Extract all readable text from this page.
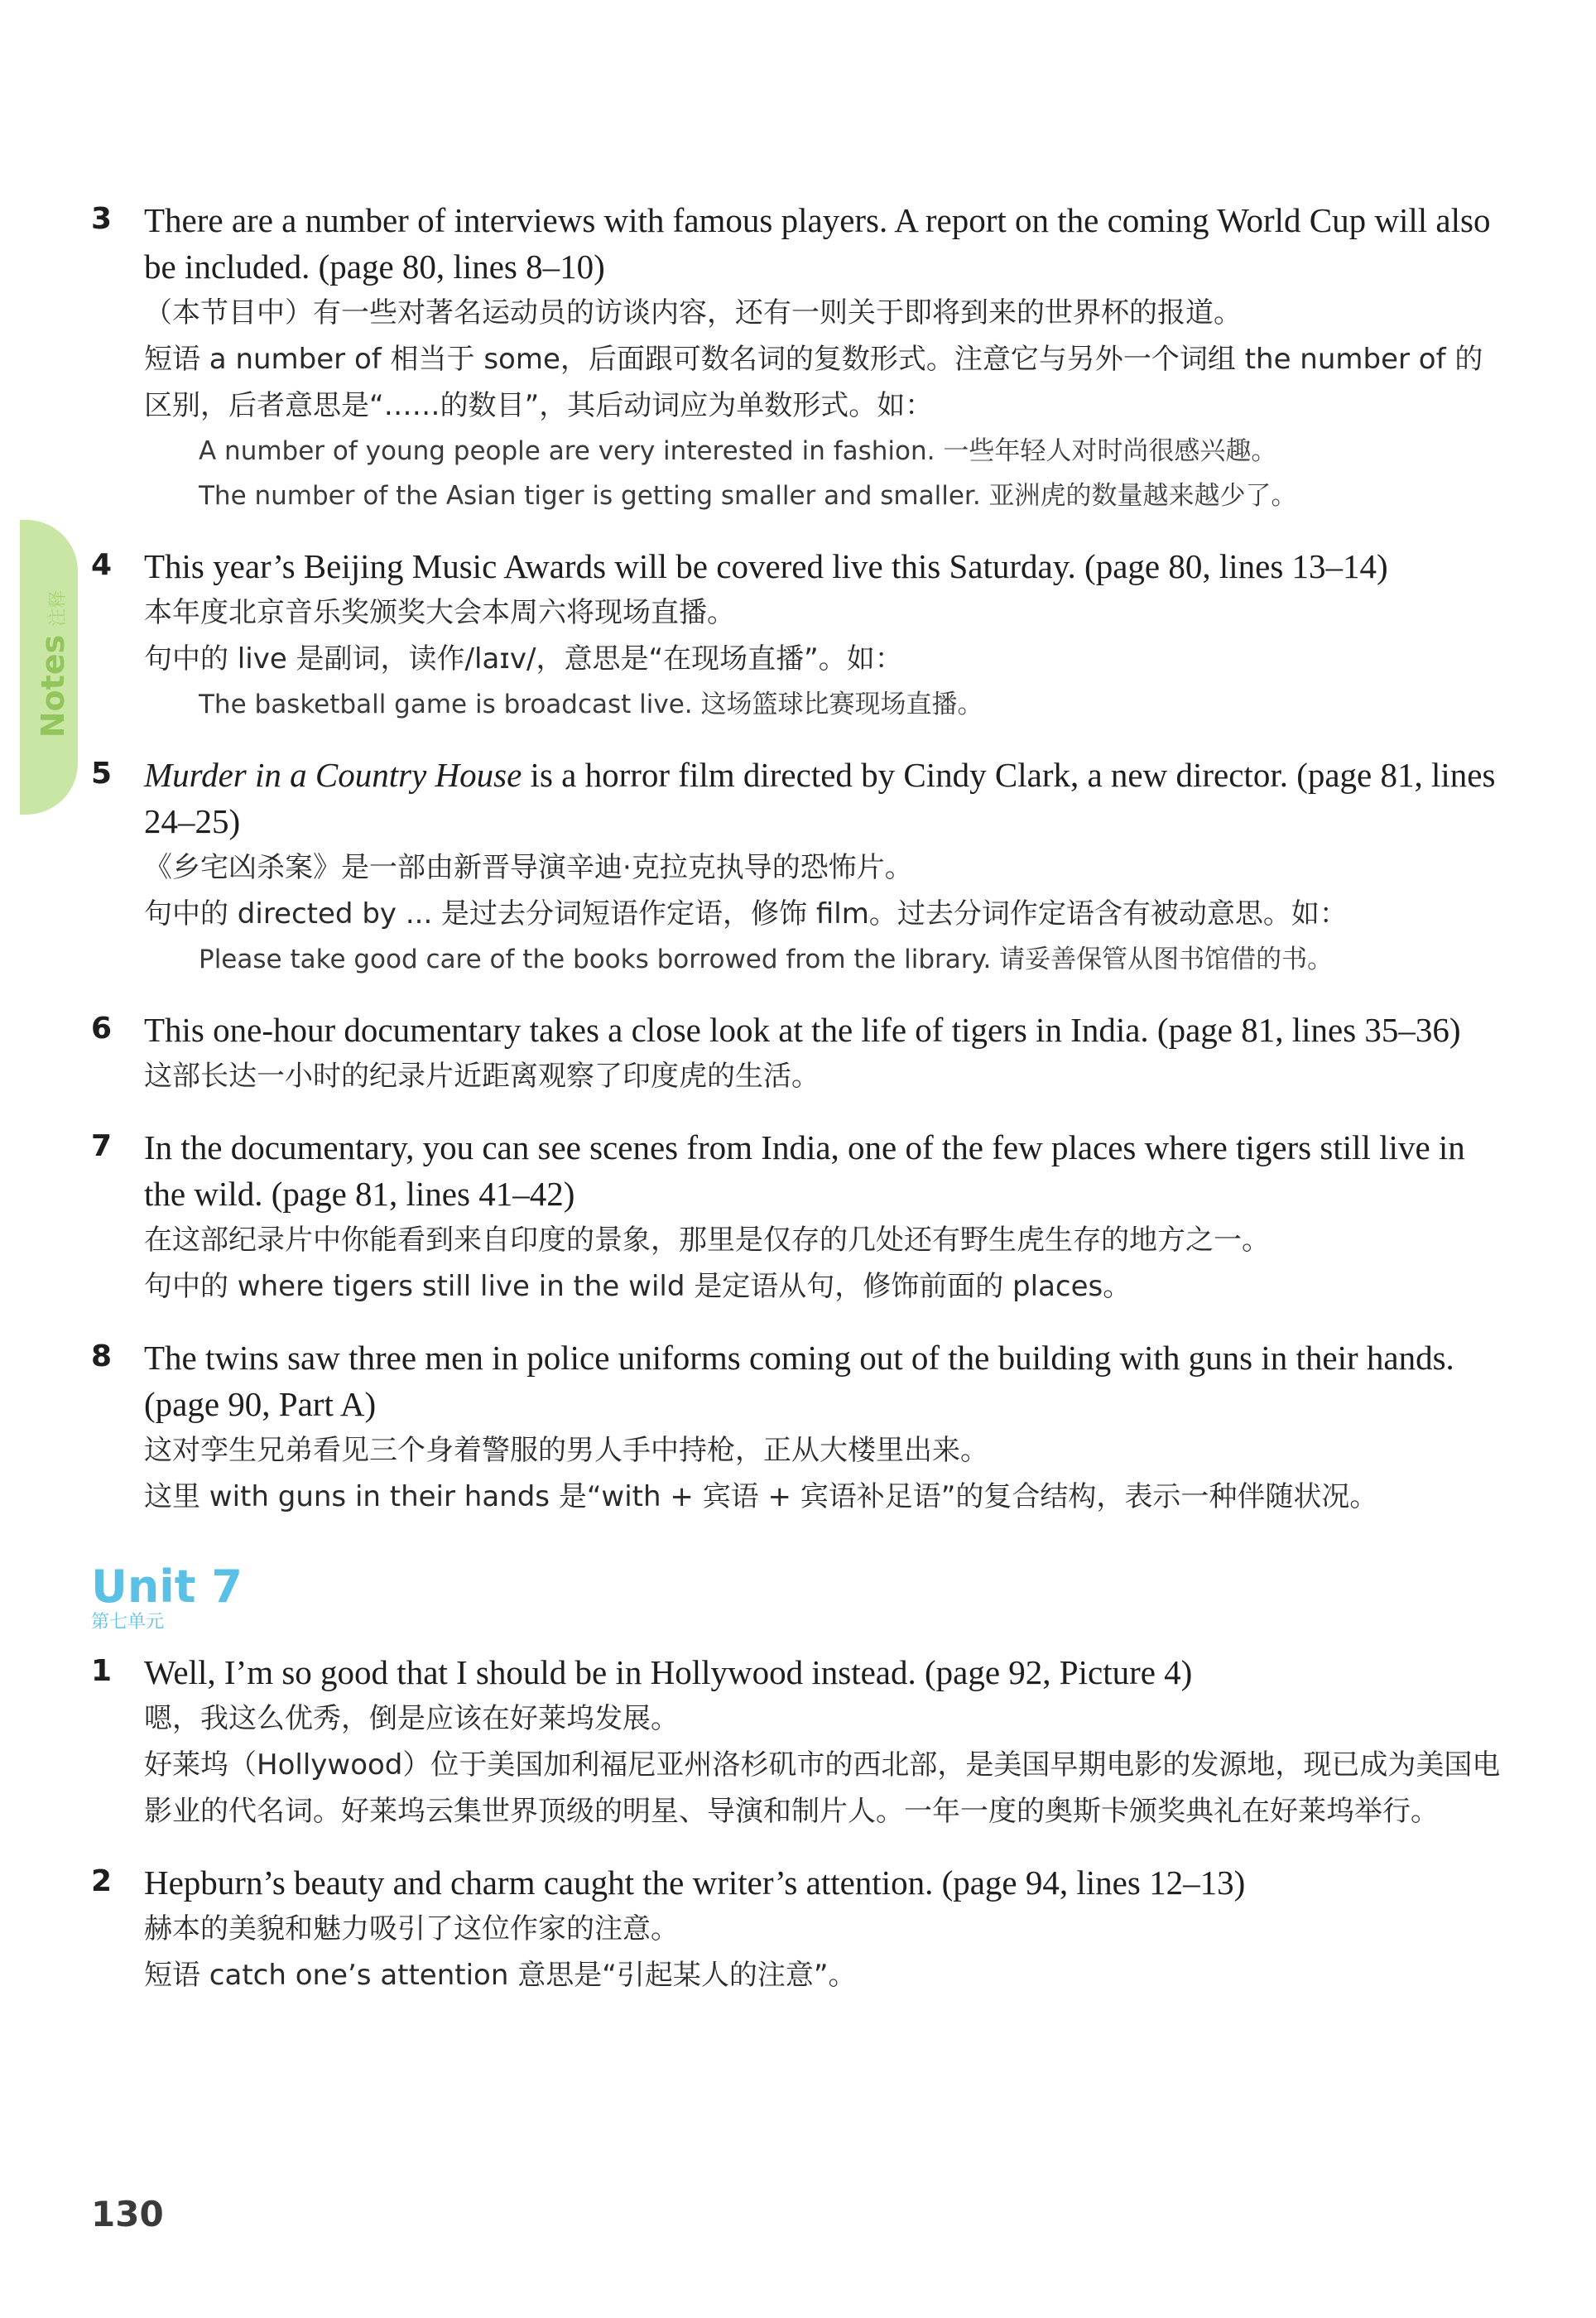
Notes
注释
3 There are a number of interviews with famous players. A report on the coming World Cup will also be included. (page 80, lines 8–10)
（本节目中）有一些对著名运动员的访谈内容，还有一则关于即将到来的世界杯的报道。
短语 a number of 相当于 some，后面跟可数名词的复数形式。注意它与另外一个词组 the number of 的区别，后者意思是“……的数目”，其后动词应为单数形式。如：
A number of young people are very interested in fashion. 一些年轻人对时尚很感兴趣。
The number of the Asian tiger is getting smaller and smaller. 亚洲虎的数量越来越少了。
4 This year’s Beijing Music Awards will be covered live this Saturday. (page 80, lines 13–14)
本年度北京音乐奖颁奖大会本周六将现场直播。
句中的 live 是副词，读作/laɪv/，意思是“在现场直播”。如：
The basketball game is broadcast live. 这场篮球比赛现场直播。
5 Murder in a Country House is a horror film directed by Cindy Clark, a new director. (page 81, lines 24–25)
《乡宅凶杀案》是一部由新晋导演辛迪·克拉克执导的恐怖片。
句中的 directed by ... 是过去分词短语作定语，修饰 film。过去分词作定语含有被动意思。如：
Please take good care of the books borrowed from the library. 请妥善保管从图书馆借的书。
6 This one-hour documentary takes a close look at the life of tigers in India. (page 81, lines 35–36)
这部长达一小时的纪录片近距离观察了印度虎的生活。
7 In the documentary, you can see scenes from India, one of the few places where tigers still live in the wild. (page 81, lines 41–42)
在这部纪录片中你能看到来自印度的景象，那里是仅存的几处还有野生虎生存的地方之一。
句中的 where tigers still live in the wild 是定语从句，修饰前面的 places。
8 The twins saw three men in police uniforms coming out of the building with guns in their hands. (page 90, Part A)
这对孪生兄弟看见三个身着警服的男人手中持枪，正从大楼里出来。
这里 with guns in their hands 是“with + 宾语 + 宾语补足语”的复合结构，表示一种伴随状况。
Unit 7
第七单元
1 Well, I’m so good that I should be in Hollywood instead. (page 92, Picture 4)
嗯，我这么优秀，倒是应该在好莱坞发展。
好莱坞（Hollywood）位于美国加利福尼亚州洛杉矶市的西北部，是美国早期电影的发源地，现已成为美国电影业的代名词。好莱坞云集世界顶级的明星、导演和制片人。一年一度的奥斯卡颁奖典礼在好莱坞举行。
2 Hepburn’s beauty and charm caught the writer’s attention. (page 94, lines 12–13)
赫本的美貌和魅力吸引了这位作家的注意。
短语 catch one’s attention 意思是“引起某人的注意”。
130
